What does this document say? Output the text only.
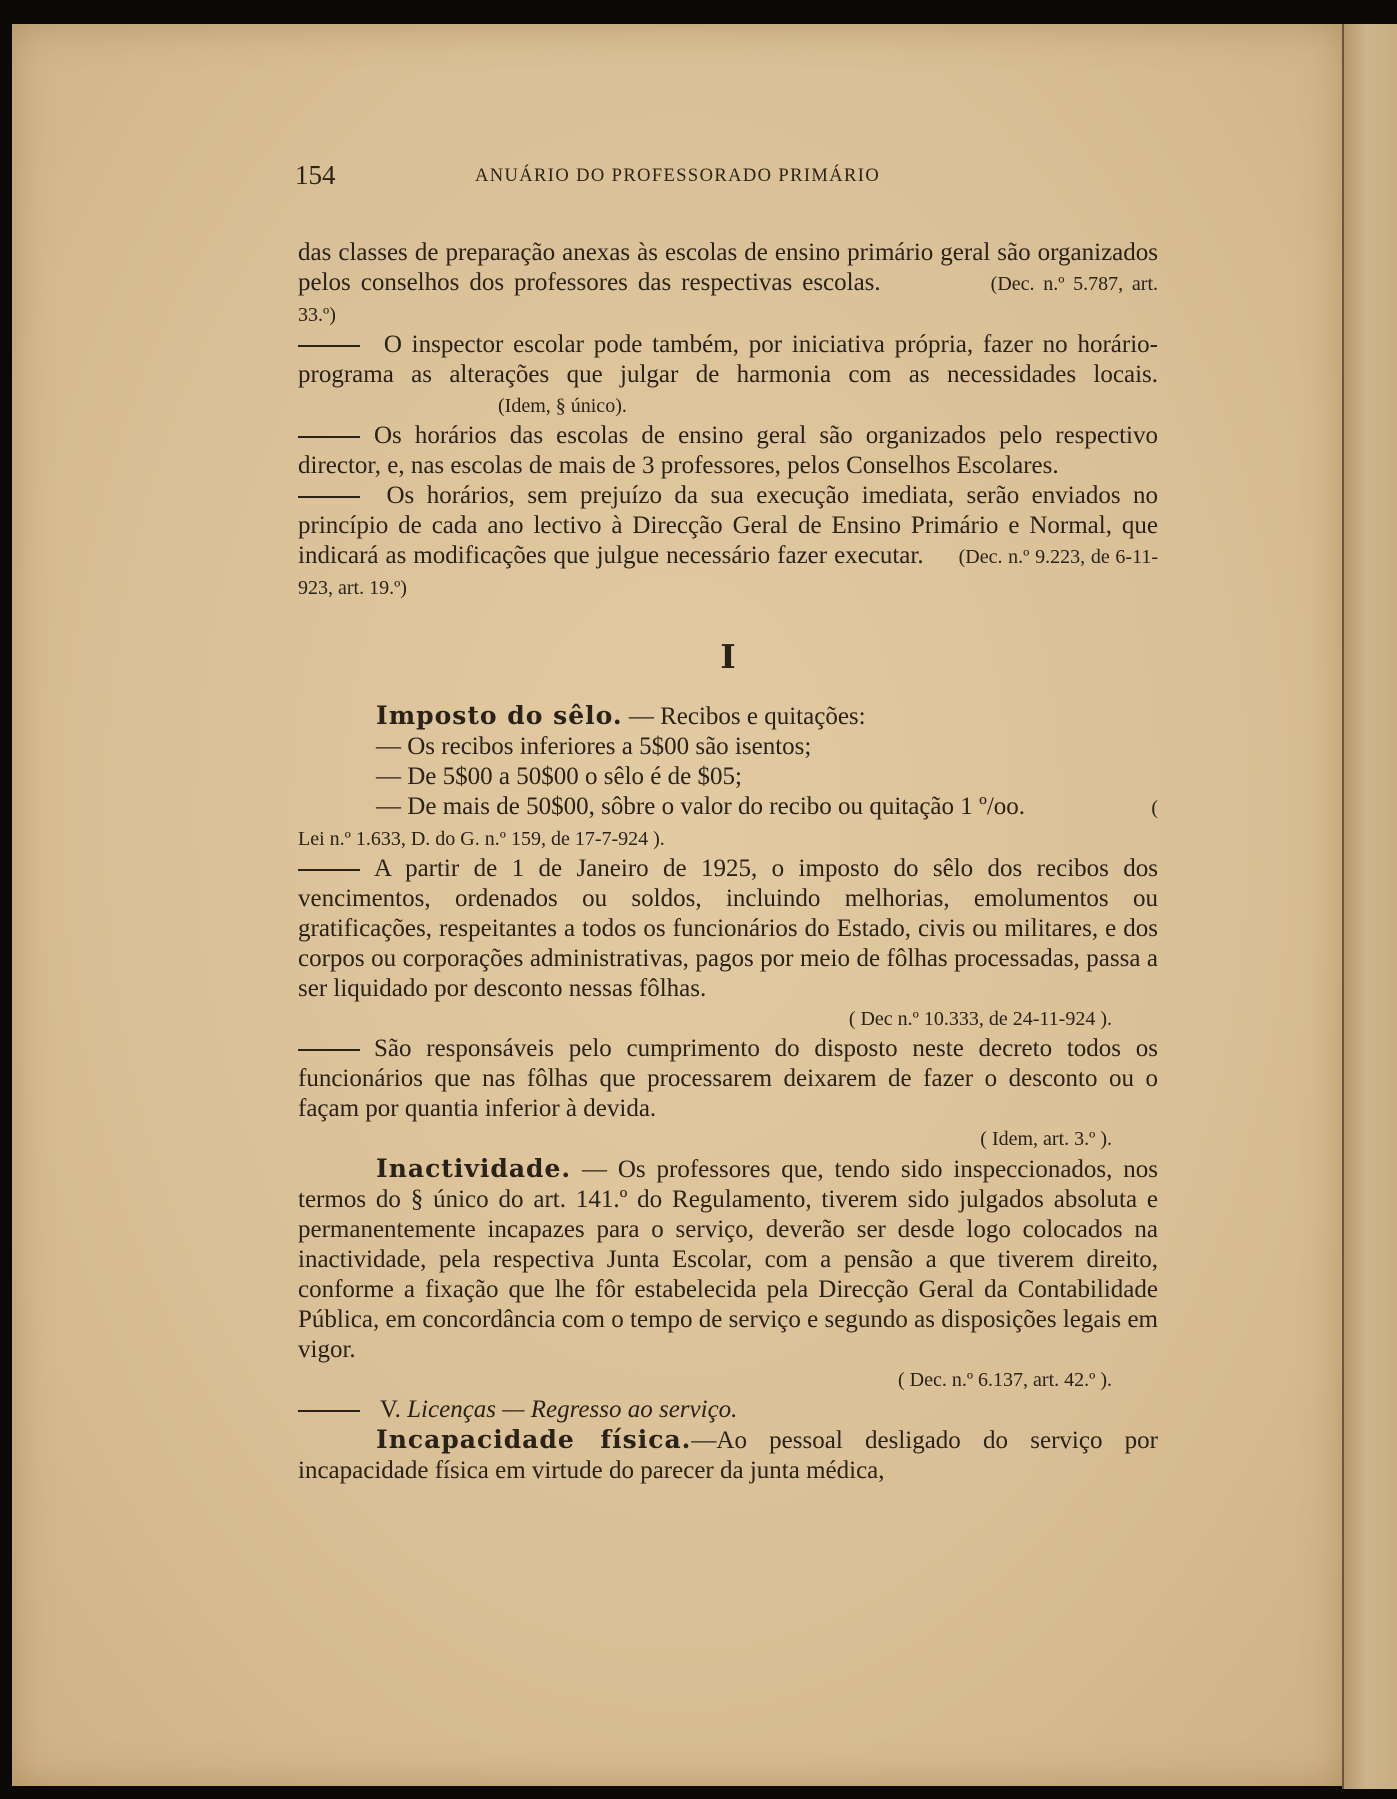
154	ANUÁRIO DO PROFESSORADO PRIMÁRIO

das classes de preparação anexas às escolas de ensino primário geral são organizados pelos conselhos dos professores das respectivas escolas.	(Dec. n.º 5.787, art. 33.º)

O inspector escolar pode também, por iniciativa própria, fazer no horário-programa as alterações que julgar de harmonia com as necessidades locais. (Idem, § único).

Os horários das escolas de ensino geral são organizados pelo respectivo director, e, nas escolas de mais de 3 professores, pelos Conselhos Escolares.

Os horários, sem prejuízo da sua execução imediata, serão enviados no princípio de cada ano lectivo à Direcção Geral de Ensino Primário e Normal, que indicará as modificações que julgue necessário fazer executar. (Dec. n.º 9.223, de 6-11-923, art. 19.º)

I

Imposto do sêlo. — Recibos e quitações:

— Os recibos inferiores a 5$00 são isentos;

— De 5$00 a 50$00 o sêlo é de $05;

— De mais de 50$00, sôbre o valor do recibo ou quitação 1 º/oo.	( Lei n.º 1.633, D. do G. n.º 159, de 17-7-924 ).

A partir de 1 de Janeiro de 1925, o imposto do sêlo dos recibos dos vencimentos, ordenados ou soldos, incluindo melhorias, emolumentos ou gratificações, respeitantes a todos os funcionários do Estado, civis ou militares, e dos corpos ou corporações administrativas, pagos por meio de fôlhas processadas, passa a ser liquidado por desconto nessas fôlhas.

( Dec n.º 10.333, de 24-11-924 ).

São responsáveis pelo cumprimento do disposto neste decreto todos os funcionários que nas fôlhas que processarem deixarem de fazer o desconto ou o façam por quantia inferior à devida.

( Idem, art. 3.º ).

Inactividade. — Os professores que, tendo sido inspeccionados, nos termos do § único do art. 141.º do Regulamento, tiverem sido julgados absoluta e permanentemente incapazes para o serviço, deverão ser desde logo colocados na inactividade, pela respectiva Junta Escolar, com a pensão a que tiverem direito, conforme a fixação que lhe fôr estabelecida pela Direcção Geral da Contabilidade Pública, em concordância com o tempo de serviço e segundo as disposições legais em vigor.

( Dec. n.º 6.137, art. 42.º ).

V. Licenças — Regresso ao serviço.

Incapacidade física.—Ao pessoal desligado do serviço por incapacidade física em virtude do parecer da junta médica,
